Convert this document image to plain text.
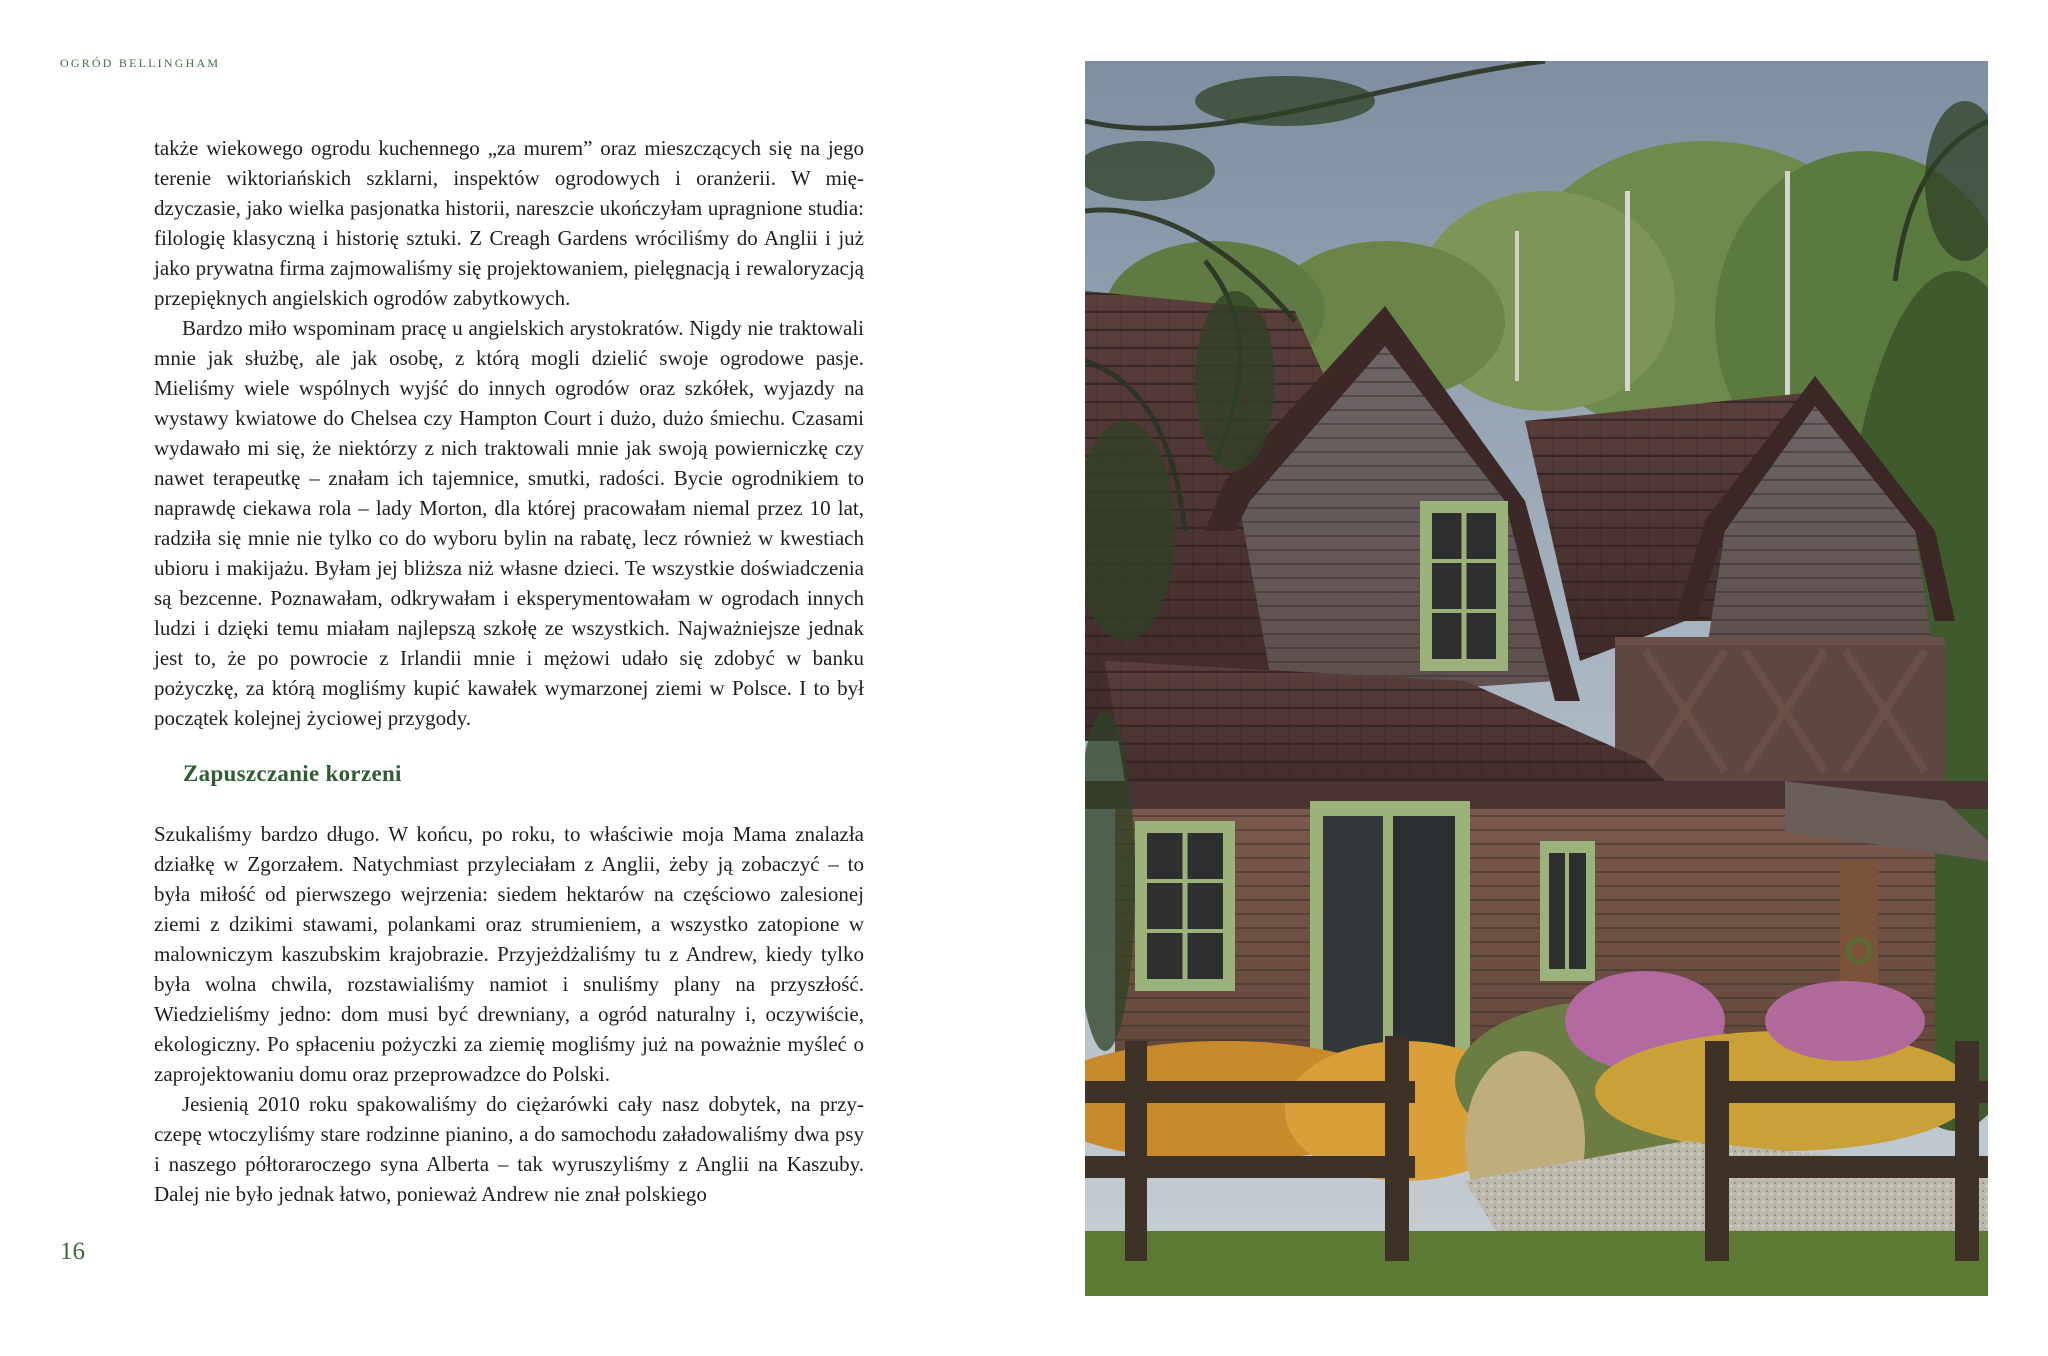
OGRÓD BELLINGHAM

także wiekowego ogrodu kuchennego „za murem” oraz mieszczących się na jego terenie wiktoriańskich szklarni, inspektów ogrodowych i oranżerii. W międzyczasie, jako wielka pasjonatka historii, nareszcie ukończyłam upragnione studia: filologię klasyczną i historię sztuki. Z Creagh Gardens wróciliśmy do Anglii i już jako prywatna firma zajmowaliśmy się projektowaniem, pielęgnacją i rewaloryzacją przepięknych angielskich ogrodów zabytkowych.

Bardzo miło wspominam pracę u angielskich arystokratów. Nigdy nie traktowali mnie jak służbę, ale jak osobę, z którą mogli dzielić swoje ogrodowe pasje. Mieliśmy wiele wspólnych wyjść do innych ogrodów oraz szkółek, wyjazdy na wystawy kwiatowe do Chelsea czy Hampton Court i dużo, dużo śmiechu. Czasami wydawało mi się, że niektórzy z nich traktowali mnie jak swoją powierniczkę czy nawet terapeutkę – znałam ich tajemnice, smutki, radości. Bycie ogrodnikiem to naprawdę ciekawa rola – lady Morton, dla której pracowałam niemal przez 10 lat, radziła się mnie nie tylko co do wyboru bylin na rabatę, lecz również w kwestiach ubioru i makijażu. Byłam jej bliższa niż własne dzieci. Te wszystkie doświadczenia są bezcenne. Poznawałam, odkrywałam i eksperymentowałam w ogrodach innych ludzi i dzięki temu miałam najlepszą szkołę ze wszystkich. Najważniejsze jednak jest to, że po powrocie z Irlandii mnie i mężowi udało się zdobyć w banku pożyczkę, za którą mogliśmy kupić kawałek wymarzonej ziemi w Polsce. I to był początek kolejnej życiowej przygody.

Zapuszczanie korzeni

Szukaliśmy bardzo długo. W końcu, po roku, to właściwie moja Mama znalazła działkę w Zgorzałem. Natychmiast przyleciałam z Anglii, żeby ją zobaczyć – to była miłość od pierwszego wejrzenia: siedem hektarów na częściowo zalesionej ziemi z dzikimi stawami, polankami oraz strumieniem, a wszystko zatopione w malowniczym kaszubskim krajobrazie. Przyjeżdżaliśmy tu z Andrew, kiedy tylko była wolna chwila, rozstawialiśmy namiot i snuliśmy plany na przyszłość. Wiedzieliśmy jedno: dom musi być drewniany, a ogród naturalny i, oczywiście, ekologiczny. Po spłaceniu pożyczki za ziemię mogliśmy już na poważnie myśleć o zaprojektowaniu domu oraz przeprowadzce do Polski.

Jesienią 2010 roku spakowaliśmy do ciężarówki cały nasz dobytek, na przyczepę wtoczyliśmy stare rodzinne pianino, a do samochodu załadowaliśmy dwa psy i naszego półtoraroczego syna Alberta – tak wyruszyliśmy z Anglii na Kaszuby. Dalej nie było jednak łatwo, ponieważ Andrew nie znał polskiego

16
